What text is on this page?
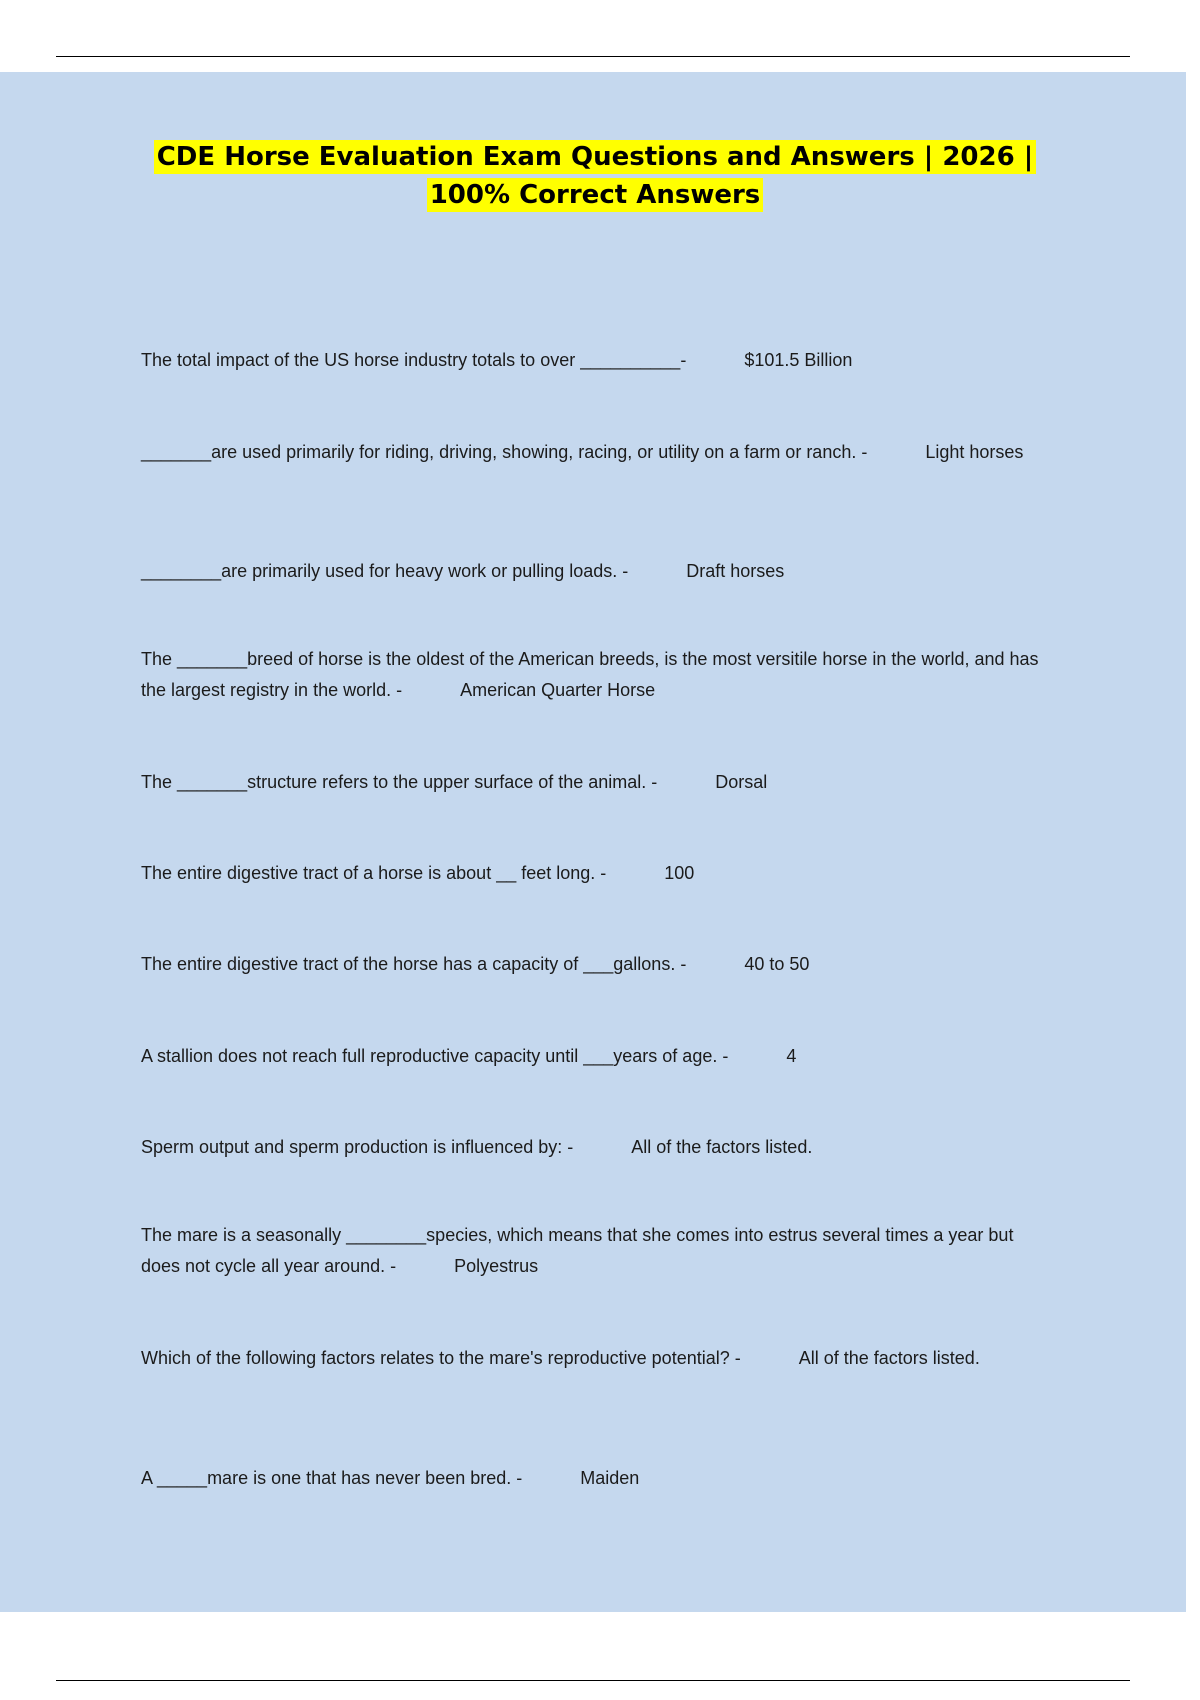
CDE Horse Evaluation Exam Questions and Answers | 2026 |
100% Correct Answers
The total impact of the US horse industry totals to over __________-	$101.5 Billion
_______are used primarily for riding, driving, showing, racing, or utility on a farm or ranch. -	Light horses
________are primarily used for heavy work or pulling loads. -	Draft horses
The _______breed of horse is the oldest of the American breeds, is the most versitile horse in the world, and has the largest registry in the world. -	American Quarter Horse
The _______structure refers to the upper surface of the animal. -	Dorsal
The entire digestive tract of a horse is about __ feet long. -	100
The entire digestive tract of the horse has a capacity of ___gallons. -	40 to 50
A stallion does not reach full reproductive capacity until ___years of age. -	4
Sperm output and sperm production is influenced by: -	All of the factors listed.
The mare is a seasonally ________species, which means that she comes into estrus several times a year but does not cycle all year around. -	Polyestrus
Which of the following factors relates to the mare's reproductive potential? -	All of the factors listed.
A _____mare is one that has never been bred. -	Maiden
